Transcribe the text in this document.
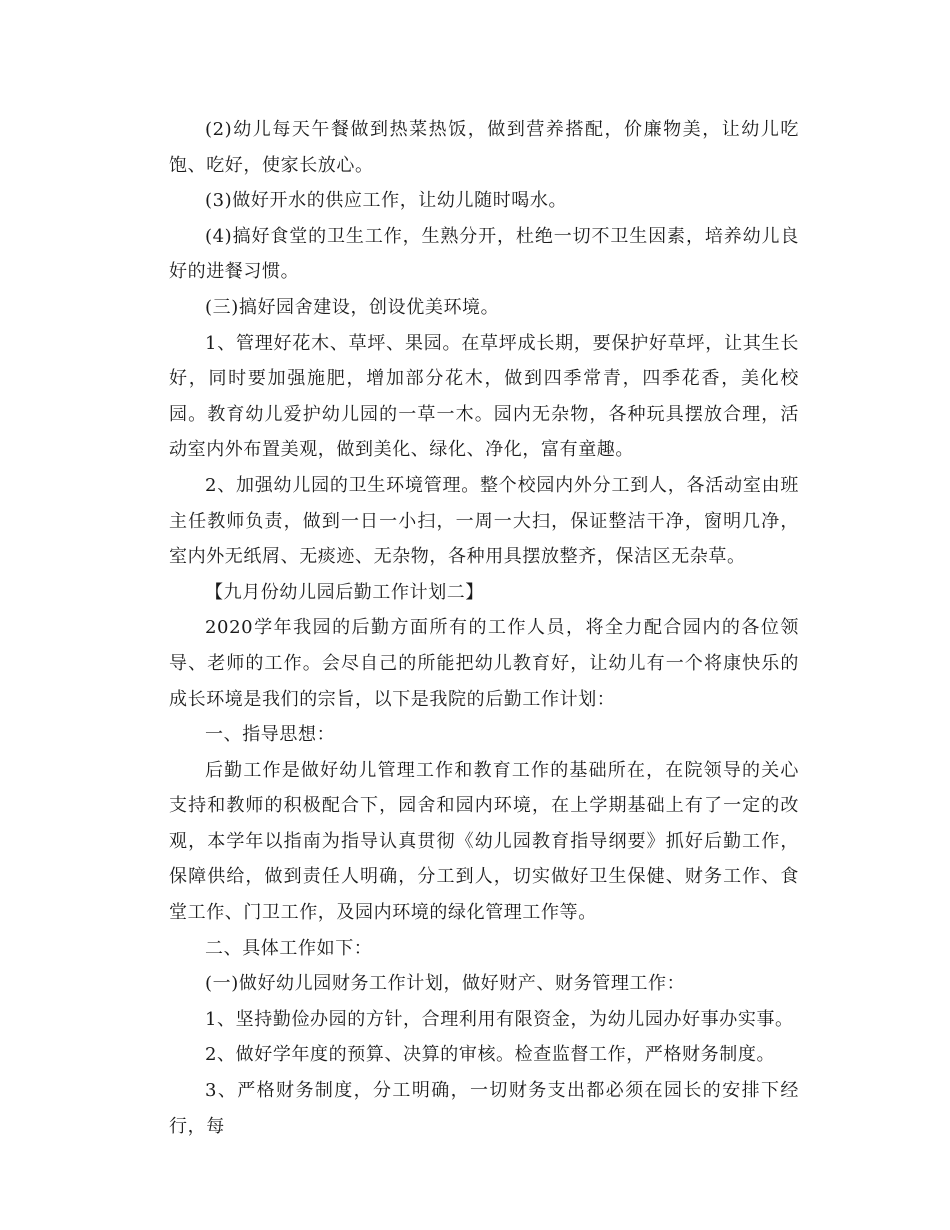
(2)幼儿每天午餐做到热菜热饭，做到营养搭配，价廉物美，让幼儿吃饱、吃好，使家长放心。

(3)做好开水的供应工作，让幼儿随时喝水。

(4)搞好食堂的卫生工作，生熟分开，杜绝一切不卫生因素，培养幼儿良好的进餐习惯。

(三)搞好园舍建设，创设优美环境。

1、管理好花木、草坪、果园。在草坪成长期，要保护好草坪，让其生长好，同时要加强施肥，增加部分花木，做到四季常青，四季花香，美化校园。教育幼儿爱护幼儿园的一草一木。园内无杂物，各种玩具摆放合理，活动室内外布置美观，做到美化、绿化、净化，富有童趣。

2、加强幼儿园的卫生环境管理。整个校园内外分工到人，各活动室由班主任教师负责，做到一日一小扫，一周一大扫，保证整洁干净，窗明几净，室内外无纸屑、无痰迹、无杂物，各种用具摆放整齐，保洁区无杂草。

【九月份幼儿园后勤工作计划二】

2020学年我园的后勤方面所有的工作人员，将全力配合园内的各位领导、老师的工作。会尽自己的所能把幼儿教育好，让幼儿有一个将康快乐的成长环境是我们的宗旨，以下是我院的后勤工作计划：

一、指导思想：

后勤工作是做好幼儿管理工作和教育工作的基础所在，在院领导的关心支持和教师的积极配合下，园舍和园内环境，在上学期基础上有了一定的改观，本学年以指南为指导认真贯彻《幼儿园教育指导纲要》抓好后勤工作，保障供给，做到责任人明确，分工到人，切实做好卫生保健、财务工作、食堂工作、门卫工作，及园内环境的绿化管理工作等。

二、具体工作如下：

(一)做好幼儿园财务工作计划，做好财产、财务管理工作：

1、坚持勤俭办园的方针，合理利用有限资金，为幼儿园办好事办实事。

2、做好学年度的预算、决算的审核。检查监督工作，严格财务制度。

3、严格财务制度，分工明确，一切财务支出都必须在园长的安排下经行，每
